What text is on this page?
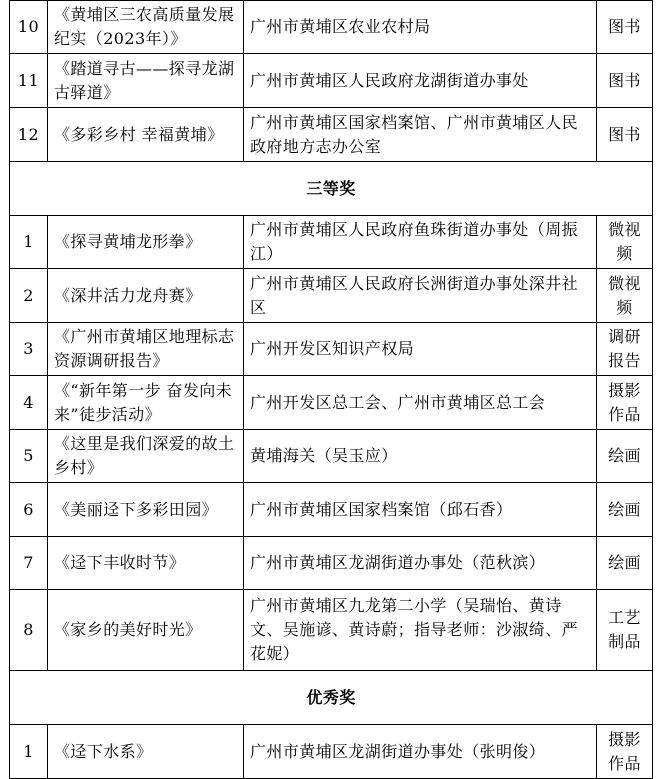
10	《黄埔区三农高质量发展纪实（2023年）》	广州市黄埔区农业农村局	图书
11	《踏道寻古——探寻龙湖古驿道》	广州市黄埔区人民政府龙湖街道办事处	图书
12	《多彩乡村 幸福黄埔》	广州市黄埔区国家档案馆、广州市黄埔区人民政府地方志办公室	图书
三等奖			
1	《探寻黄埔龙形拳》	广州市黄埔区人民政府鱼珠街道办事处（周振江）	微视频
2	《深井活力龙舟赛》	广州市黄埔区人民政府长洲街道办事处深井社区	微视频
3	《广州市黄埔区地理标志资源调研报告》	广州开发区知识产权局	调研报告
4	《“新年第一步 奋发向未来”徒步活动》	广州开发区总工会、广州市黄埔区总工会	摄影作品
5	《这里是我们深爱的故土乡村》	黄埔海关（吴玉应）	绘画
6	《美丽迳下多彩田园》	广州市黄埔区国家档案馆（邱石香）	绘画
7	《迳下丰收时节》	广州市黄埔区龙湖街道办事处（范秋滨）	绘画
8	《家乡的美好时光》	广州市黄埔区九龙第二小学（吴瑞怡、黄诗文、吴施谚、黄诗蔚；指导老师：沙淑绮、严花妮）	工艺制品
优秀奖			
1	《迳下水系》	广州市黄埔区龙湖街道办事处（张明俊）	摄影作品
